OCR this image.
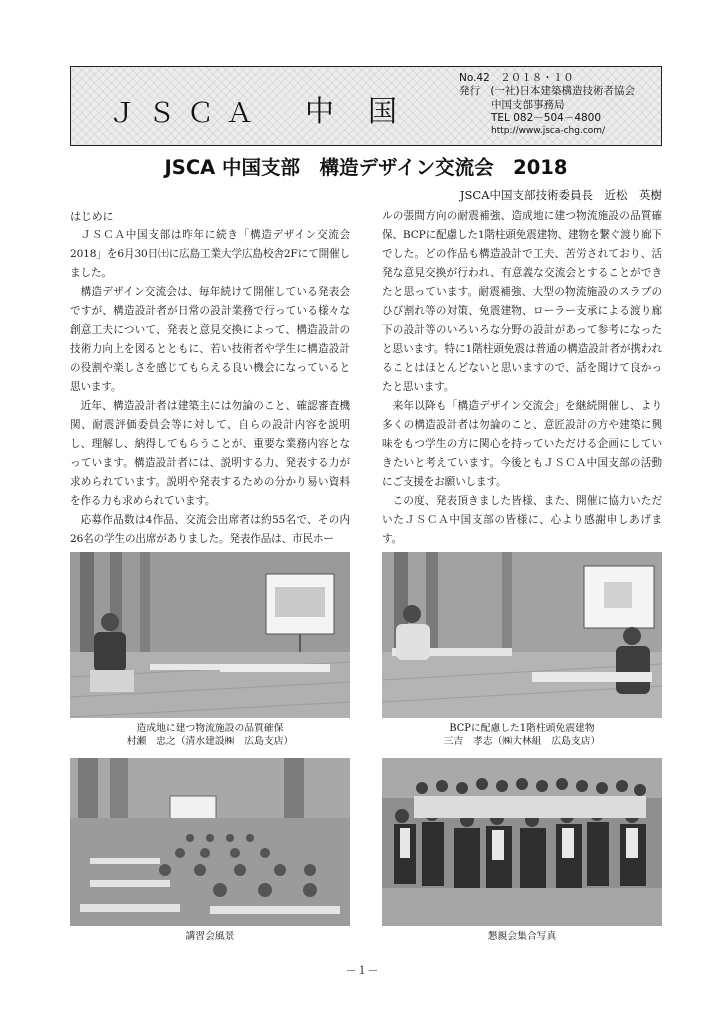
ＪＳＣＡ 中国
No.42　２０１８・１０
発行 (一社)日本建築構造技術者協会
中国支部事務局
TEL 082－504－4800
http://www.jsca-chg.com/
JSCA 中国支部　構造デザイン交流会　2018
JSCA中国支部技術委員長　近松　英樹

はじめに

ＪＳＣＡ中国支部は昨年に続き「構造デザイン交流会2018」を6月30日㈯に広島工業大学広島校舎2Fにて開催しました。

構造デザイン交流会は、毎年続けて開催している発表会ですが、構造設計者が日常の設計業務で行っている様々な創意工夫について、発表と意見交換によって、構造設計の技術力向上を図るとともに、若い技術者や学生に構造設計の役割や楽しさを感じてもらえる良い機会になっていると思います。

近年、構造設計者は建築主には勿論のこと、確認審査機関、耐震評価委員会等に対して、自らの設計内容を説明し、理解し、納得してもらうことが、重要な業務内容となっています。構造設計者には、説明する力、発表する力が求められています。説明や発表するための分かり易い資料を作る力も求められています。

応募作品数は4作品、交流会出席者は約55名で、その内26名の学生の出席がありました。発表作品は、市民ホー

ルの張間方向の耐震補強、造成地に建つ物流施設の品質確保、BCPに配慮した1階柱頭免震建物、建物を繋ぐ渡り廊下でした。どの作品も構造設計で工夫、苦労されており、活発な意見交換が行われ、有意義な交流会とすることができたと思っています。耐震補強、大型の物流施設のスラブのひび割れ等の対策、免震建物、ローラー支承による渡り廊下の設計等のいろいろな分野の設計があって参考になったと思います。特に1階柱頭免震は普通の構造設計者が携われることはほとんどないと思いますので、話を聞けて良かったと思います。

来年以降も「構造デザイン交流会」を継続開催し、より多くの構造設計者は勿論のこと、意匠設計の方や建築に興味をもつ学生の方に関心を持っていただける企画にしていきたいと考えています。今後ともＪＳＣＡ中国支部の活動にご支援をお願いします。

この度、発表頂きました皆様、また、開催に協力いただいたＪＳＣＡ中国支部の皆様に、心より感謝申しあげます。

造成地に建つ物流施設の品質確保
村瀬　忠之（清水建設㈱　広島支店）
BCPに配慮した1階柱頭免震建物
三吉　孝志（㈱大林組　広島支店）
講習会風景	懇親会集合写真
－１－
